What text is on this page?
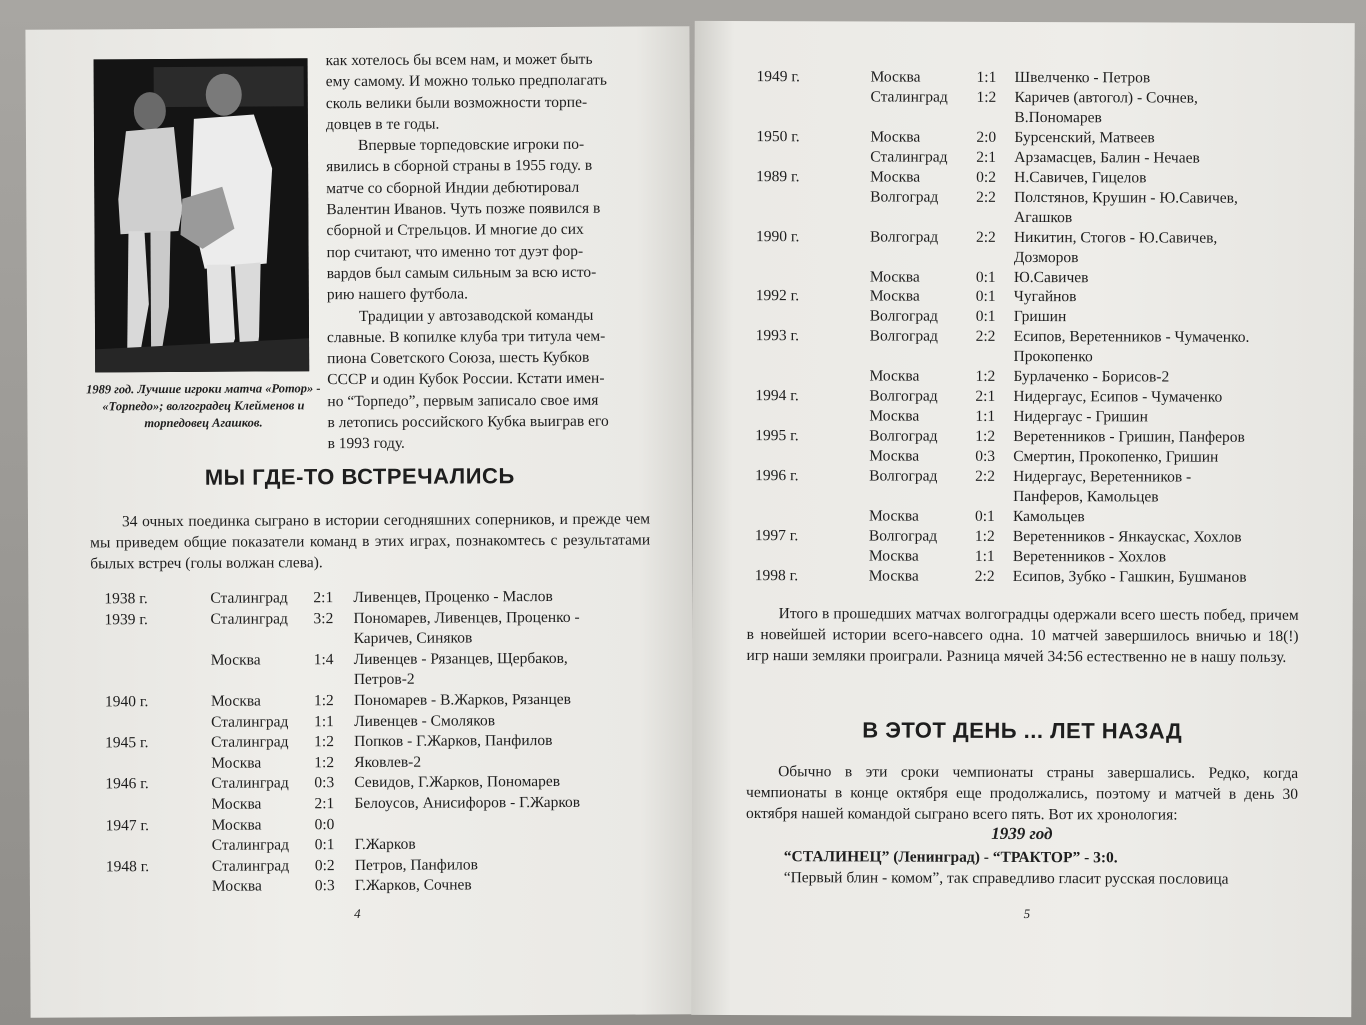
1989 год. Лучшие игроки матча «Ротор» - «Торпедо»; волгоградец Клейменов и торпедовец Агашков.

как хотелось бы всем нам, и может быть

ему самому. И можно только предполагать

сколь велики были возможности торпе-

довцев в те годы.

Впервые торпедовские игроки по-

явились в сборной страны в 1955 году. в

матче со сборной Индии дебютировал

Валентин Иванов. Чуть позже появился в

сборной и Стрельцов. И многие до сих

пор считают, что именно тот дуэт фор-

вардов был самым сильным за всю исто-

рию нашего футбола.

Традиции у автозаводской команды

славные. В копилке клуба три титула чем-

пиона Советского Союза, шесть Кубков

СССР и один Кубок России. Кстати имен-

но “Торпедо”, первым записало свое имя

в летопись российского Кубка выиграв его

в 1993 году.

МЫ ГДЕ-ТО ВСТРЕЧАЛИСЬ
34 очных поединка сыграно в истории сегодняшних соперников, и прежде чем мы приведем общие показатели команд в этих играх, познакомтесь с результатами былых встреч (голы волжан слева).
1938 г.	Сталинград 2:1 Ливенцев, Проценко - Маслов
1939 г.	Сталинград 3:2 Пономарев, Ливенцев, Проценко -
Каричев, Синяков
Москва	1:4 Ливенцев - Рязанцев, Щербаков,
Петров-2
1940 г.	Москва	1:2 Пономарев - В.Жарков, Рязанцев
Сталинград 1:1 Ливенцев - Смоляков
1945 г.	Сталинград 1:2 Попков - Г.Жарков, Панфилов
Москва	1:2 Яковлев-2
1946 г.	Сталинград 0:3 Севидов, Г.Жарков, Пономарев
Москва	2:1 Белоусов, Анисифоров - Г.Жарков
1947 г.	Москва	0:0
Сталинград 0:1 Г.Жарков
1948 г.	Сталинград 0:2 Петров, Панфилов
Москва	0:3 Г.Жарков, Сочнев
4
1949 г.	Москва	1:1 Швелченко - Петров
Сталинград 1:2 Каричев (автогол) - Сочнев,
В.Пономарев
1950 г.	Москва	2:0 Бурсенский, Матвеев
Сталинград 2:1 Арзамасцев, Балин - Нечаев
1989 г.	Москва	0:2 Н.Савичев, Гицелов
Волгоград 2:2 Полстянов, Крушин - Ю.Савичев,
Агашков
1990 г.	Волгоград 2:2 Никитин, Стогов - Ю.Савичев,
Дозморов
Москва	0:1 Ю.Савичев
1992 г.	Москва	0:1 Чугайнов
Волгоград 0:1 Гришин
1993 г.	Волгоград 2:2 Есипов, Веретенников - Чумаченко.
Прокопенко
Москва	1:2 Бурлаченко - Борисов-2
1994 г.	Волгоград 2:1 Нидергаус, Есипов - Чумаченко
Москва	1:1 Нидергаус - Гришин
1995 г.	Волгоград 1:2 Веретенников - Гришин, Панферов
Москва	0:3 Смертин, Прокопенко, Гришин
1996 г.	Волгоград 2:2 Нидергаус, Веретенников -
Панферов, Камольцев
Москва	0:1 Камольцев
1997 г.	Волгоград 1:2 Веретенников - Янкаускас, Хохлов
Москва	1:1 Веретенников - Хохлов
1998 г.	Москва	2:2 Есипов, Зубко - Гашкин, Бушманов
Итого в прошедших матчах волгоградцы одержали всего шесть побед, причем в новейшей истории всего-навсего одна. 10 матчей завершилось вничью и 18(!) игр наши земляки проиграли. Разница мячей 34:56 естественно не в нашу пользу.
В ЭТОТ ДЕНЬ ... ЛЕТ НАЗАД
Обычно в эти сроки чемпионаты страны завершались. Редко, когда чемпионаты в конце октября еще продолжались, поэтому и матчей в день 30 октября нашей командой сыграно всего пять. Вот их хронология:
1939 год
“СТАЛИНЕЦ” (Ленинград) - “ТРАКТОР” - 3:0.
“Первый блин - комом”, так справедливо гласит русская пословица
5
